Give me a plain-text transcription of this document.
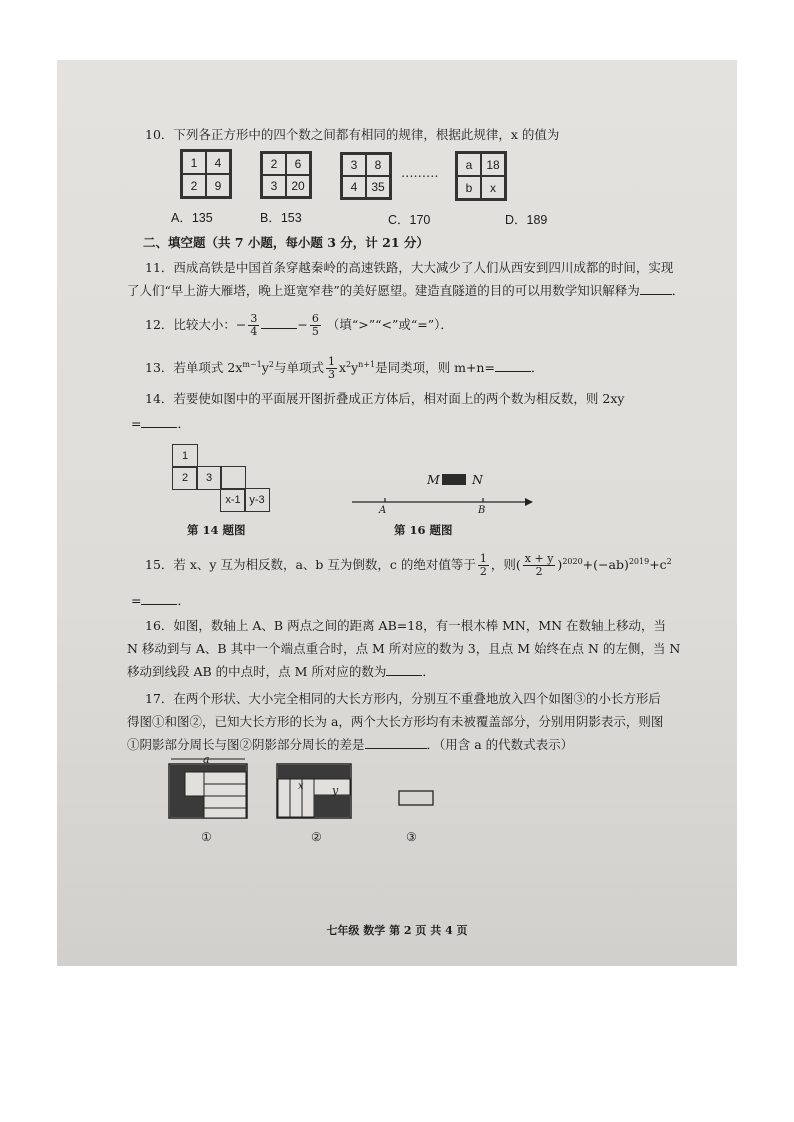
10．下列各正方形中的四个数之间都有相同的规律，根据此规律，x 的值为
1	4
2	9
2	6
3	20
3	8
4	35
………
a	18
b	x
A．135	B．153	C．170	D．189
二、填空题（共 7 小题，每小题 3 分，计 21 分）
11．西成高铁是中国首条穿越秦岭的高速铁路，大大减少了人们从西安到四川成都的时间，实现
了人们“早上游大雁塔，晚上逛宽窄巷”的美好愿望。建造直隧道的目的可以用数学知识解释为	．
12．比较大小：− $\frac{3}{4}$	− $\frac{6}{5}$ （填“>”“<”或“=”）．
13．若单项式 $2x^{m-1}y^2$与单项式 $\frac{1}{3} x^2y^{n+1}$是同类项，则 m+n=	．
14．若要使如图中的平面展开图折叠成正方体后，相对面上的两个数为相反数，则 2xy
=	．
1
2	3
x-1 y-3
第 14 题图
M	N
A	B
第 16 题图
15．若 x、y 互为相反数，a、b 互为倒数，c 的绝对值等于 $\frac{1}{2}$ ，则( $\frac{x + y}{2} )^{2020}+(-ab)^{2019}+c^2$
=	．
16．如图，数轴上 A、B 两点之间的距离 AB=18，有一根木棒 MN，MN 在数轴上移动，当
N 移动到与 A、B 其中一个端点重合时，点 M 所对应的数为 3，且点 M 始终在点 N 的左侧，当 N
移动到线段 AB 的中点时，点 M 所对应的数为	．
17．在两个形状、大小完全相同的大长方形内，分别互不重叠地放入四个如图③的小长方形后
得图①和图②，已知大长方形的长为 a，两个大长方形均有未被覆盖部分，分别用阴影表示，则图
①阴影部分周长与图②阴影部分周长的差是	．（用含 a 的代数式表示）
a
x	y
①	②	③
七年级 数学 第 2 页 共 4 页
